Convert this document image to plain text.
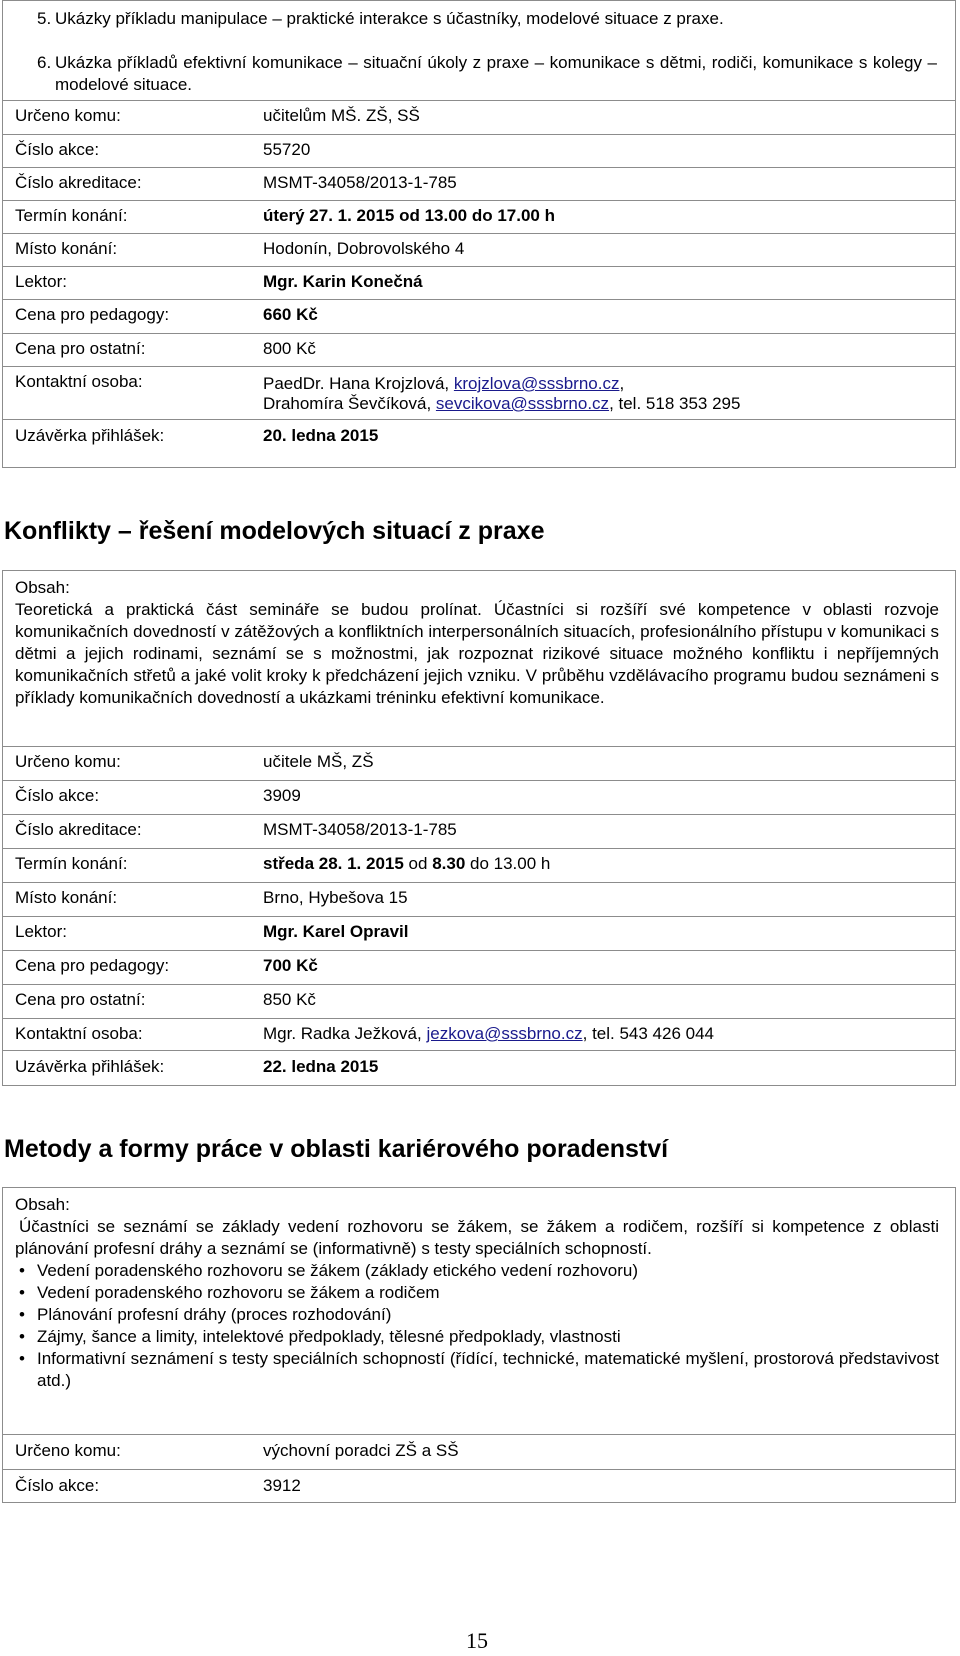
5. Ukázky příkladu manipulace – praktické interakce s účastníky, modelové situace z praxe.
6. Ukázka příkladů efektivní komunikace – situační úkoly z praxe – komunikace s dětmi, rodiči, komunikace s kolegy – modelové situace.
Určeno komu:	učitelům MŠ. ZŠ, SŠ
Číslo akce:	55720
Číslo akreditace:	MSMT-34058/2013-1-785
Termín konání:	úterý 27. 1. 2015 od 13.00 do 17.00 h
Místo konání:	Hodonín, Dobrovolského 4
Lektor:	Mgr. Karin Konečná
Cena pro pedagogy:	660 Kč
Cena pro ostatní:	800 Kč
Kontaktní osoba:	PaedDr. Hana Krojzlová, krojzlova@sssbrno.cz,
Drahomíra Ševčíková, sevcikova@sssbrno.cz, tel. 518 353 295
Uzávěrka přihlášek:	20. ledna 2015
Konflikty – řešení modelových situací z praxe
Obsah:
Teoretická a praktická část semináře se budou prolínat. Účastníci si rozšíří své kompetence v oblasti rozvoje komunikačních dovedností v zátěžových a konfliktních interpersonálních situacích, profesionálního přístupu v komunikaci s dětmi a jejich rodinami, seznámí se s možnostmi, jak rozpoznat rizikové situace možného konfliktu i nepříjemných komunikačních střetů a jaké volit kroky k předcházení jejich vzniku. V průběhu vzdělávacího programu budou seznámeni s příklady komunikačních dovedností a ukázkami tréninku efektivní komunikace.
Určeno komu:	učitele MŠ, ZŠ
Číslo akce:	3909
Číslo akreditace:	MSMT-34058/2013-1-785
Termín konání:	středa 28. 1. 2015 od 8.30 do 13.00 h
Místo konání:	Brno, Hybešova 15
Lektor:	Mgr. Karel Opravil
Cena pro pedagogy:	700 Kč
Cena pro ostatní:	850 Kč
Kontaktní osoba:	Mgr. Radka Ježková, jezkova@sssbrno.cz, tel. 543 426 044
Uzávěrka přihlášek:	22. ledna 2015
Metody a formy práce v oblasti kariérového poradenství
Obsah:
Účastníci se seznámí se základy vedení rozhovoru se žákem, se žákem a rodičem, rozšíří si kompetence z oblasti plánování profesní dráhy a seznámí se (informativně) s testy speciálních schopností.
• Vedení poradenského rozhovoru se žákem (základy etického vedení rozhovoru)
• Vedení poradenského rozhovoru se žákem a rodičem
• Plánování profesní dráhy (proces rozhodování)
• Zájmy, šance a limity, intelektové předpoklady, tělesné předpoklady, vlastnosti
• Informativní seznámení s testy speciálních schopností (řídící, technické, matematické myšlení, prostorová představivost atd.)
Určeno komu:	výchovní poradci ZŠ a SŠ
Číslo akce:	3912
15
